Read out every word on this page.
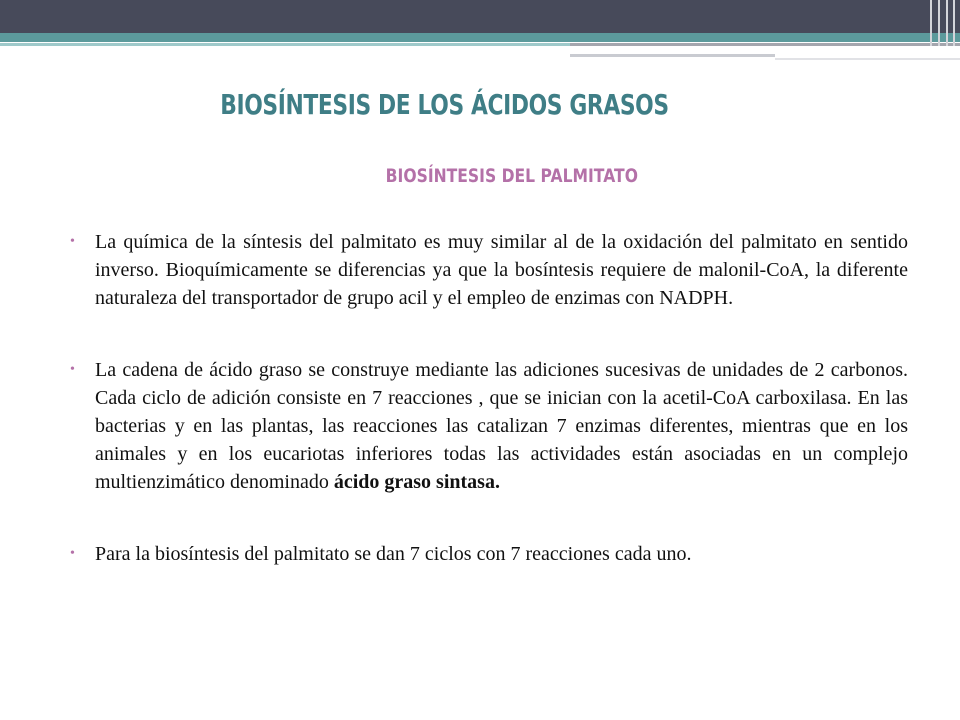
BIOSÍNTESIS DE LOS ÁCIDOS GRASOS
BIOSÍNTESIS DEL PALMITATO
• La química de la síntesis del palmitato es muy similar al de la oxidación del palmitato en sentido inverso. Bioquímicamente se diferencias ya que la bosíntesis requiere de malonil-CoA, la diferente naturaleza del transportador de grupo acil y el empleo de enzimas con NADPH.
• La cadena de ácido graso se construye mediante las adiciones sucesivas de unidades de 2 carbonos. Cada ciclo de adición consiste en 7 reacciones , que se inician con la acetil-CoA carboxilasa. En las bacterias y en las plantas, las reacciones las catalizan 7 enzimas diferentes, mientras que en los animales y en los eucariotas inferiores todas las actividades están asociadas en un complejo multienzimático denominado ácido graso sintasa.
• Para la biosíntesis del palmitato se dan 7 ciclos con 7 reacciones cada uno.
